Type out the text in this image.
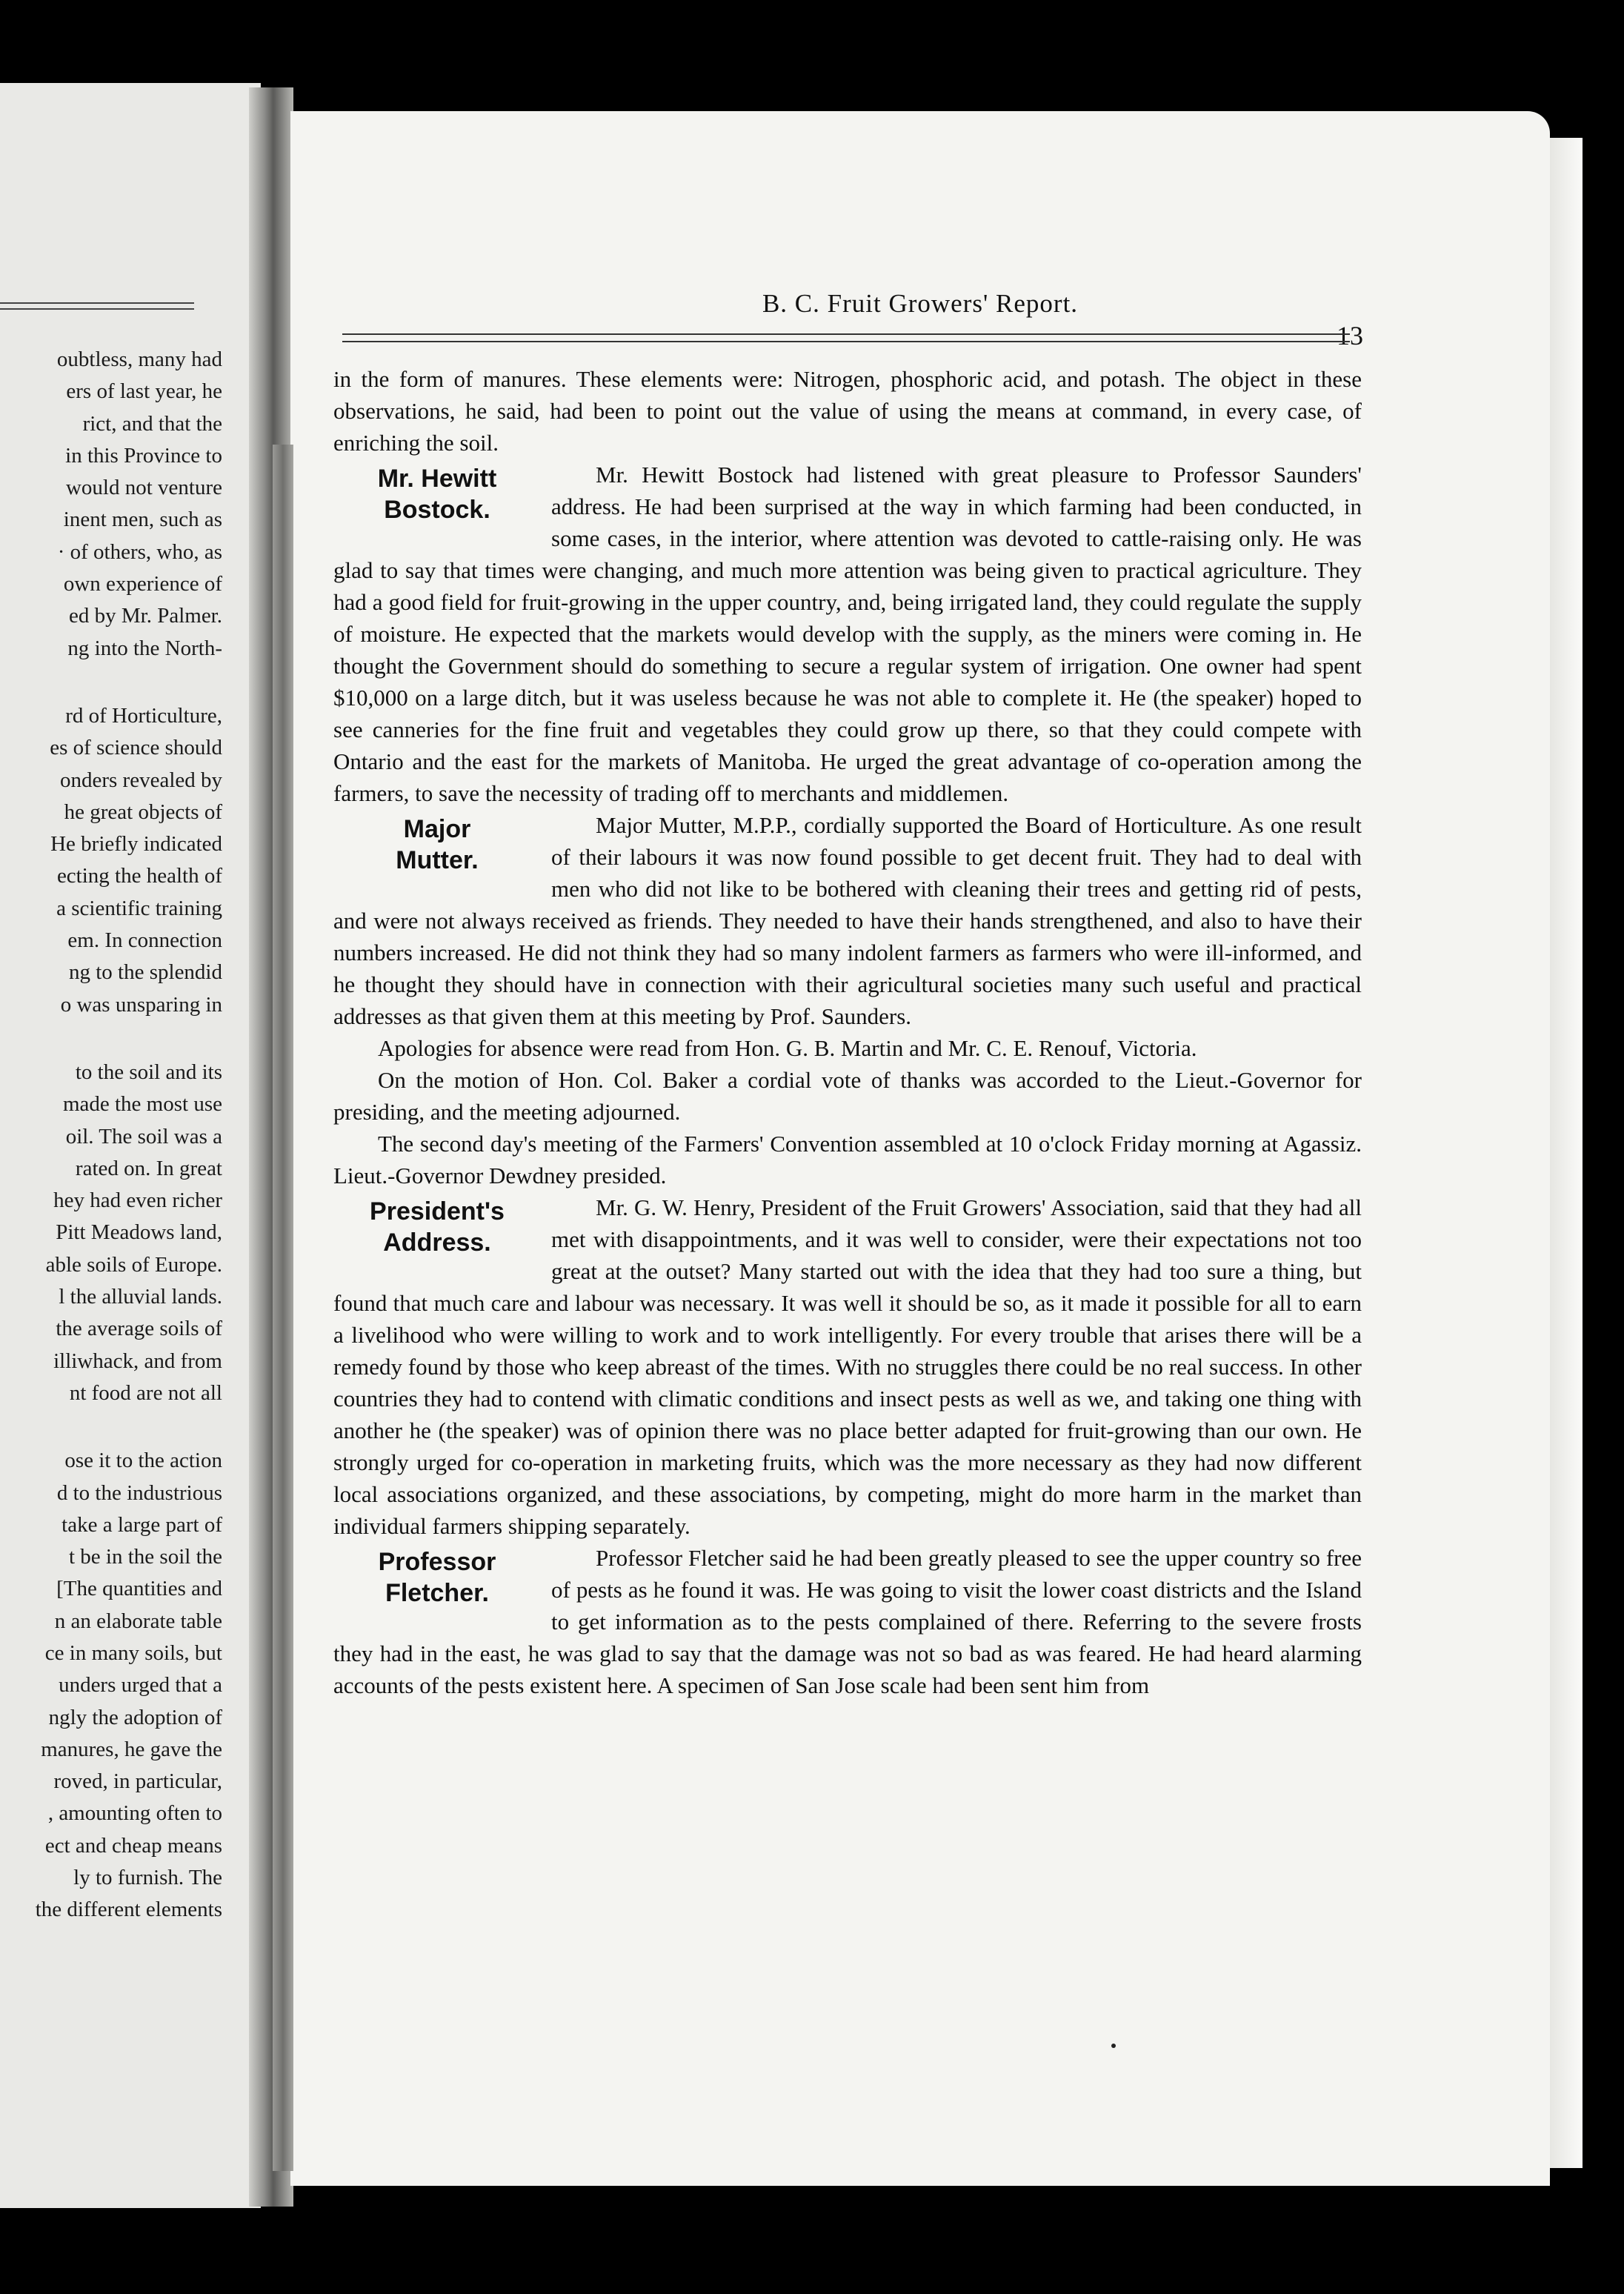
oubtless, many had
ers of last year, he
rict, and that the
in this Province to
would not venture
inent men, such as
· of others, who, as
own experience of
ed by Mr. Palmer.
ng into the North-
rd of Horticulture,
es of science should
onders revealed by
he great objects of
He briefly indicated
ecting the health of
a scientific training
em. In connection
ng to the splendid
o was unsparing in
to the soil and its
made the most use
oil. The soil was a
rated on. In great
hey had even richer
Pitt Meadows land,
able soils of Europe.
l the alluvial lands.
the average soils of
illiwhack, and from
nt food are not all
ose it to the action
d to the industrious
take a large part of
t be in the soil the
[The quantities and
n an elaborate table
ce in many soils, but
unders urged that a
ngly the adoption of
manures, he gave the
roved, in particular,
, amounting often to
ect and cheap means
ly to furnish. The
the different elements
B. C. Fruit Growers' Report.
13

in the form of manures. These elements were: Nitrogen, phosphoric acid, and potash. The object in these observations, he said, had been to point out the value of using the means at command, in every case, of enriching the soil.

Mr. Hewitt
Bostock.

Mr. Hewitt Bostock had listened with great pleasure to Professor Saunders' address. He had been surprised at the way in which farming had been conducted, in some cases, in the interior, where attention was devoted to cattle-raising only. He was glad to say that times were changing, and much more attention was being given to practical agriculture. They had a good field for fruit-growing in the upper country, and, being irrigated land, they could regulate the supply of moisture. He expected that the markets would develop with the supply, as the miners were coming in. He thought the Government should do something to secure a regular system of irrigation. One owner had spent $10,000 on a large ditch, but it was useless because he was not able to complete it. He (the speaker) hoped to see canneries for the fine fruit and vegetables they could grow up there, so that they could compete with Ontario and the east for the markets of Manitoba. He urged the great advantage of co-operation among the farmers, to save the necessity of trading off to merchants and middlemen.

Major
Mutter.

Major Mutter, M.P.P., cordially supported the Board of Horticulture. As one result of their labours it was now found possible to get decent fruit. They had to deal with men who did not like to be bothered with cleaning their trees and getting rid of pests, and were not always received as friends. They needed to have their hands strengthened, and also to have their numbers increased. He did not think they had so many indolent farmers as farmers who were ill-informed, and he thought they should have in connection with their agricultural societies many such useful and practical addresses as that given them at this meeting by Prof. Saunders.

Apologies for absence were read from Hon. G. B. Martin and Mr. C. E. Renouf, Victoria.

On the motion of Hon. Col. Baker a cordial vote of thanks was accorded to the Lieut.-Governor for presiding, and the meeting adjourned.

The second day's meeting of the Farmers' Convention assembled at 10 o'clock Friday morning at Agassiz. Lieut.-Governor Dewdney presided.

President's
Address.

Mr. G. W. Henry, President of the Fruit Growers' Association, said that they had all met with disappointments, and it was well to consider, were their expectations not too great at the outset? Many started out with the idea that they had too sure a thing, but found that much care and labour was necessary. It was well it should be so, as it made it possible for all to earn a livelihood who were willing to work and to work intelligently. For every trouble that arises there will be a remedy found by those who keep abreast of the times. With no struggles there could be no real success. In other countries they had to contend with climatic conditions and insect pests as well as we, and taking one thing with another he (the speaker) was of opinion there was no place better adapted for fruit-growing than our own. He strongly urged for co-operation in marketing fruits, which was the more necessary as they had now different local associations organized, and these associations, by competing, might do more harm in the market than individual farmers shipping separately.

Professor
Fletcher.

Professor Fletcher said he had been greatly pleased to see the upper country so free of pests as he found it was. He was going to visit the lower coast districts and the Island to get information as to the pests complained of there. Referring to the severe frosts they had in the east, he was glad to say that the damage was not so bad as was feared. He had heard alarming accounts of the pests existent here. A specimen of San Jose scale had been sent him from
